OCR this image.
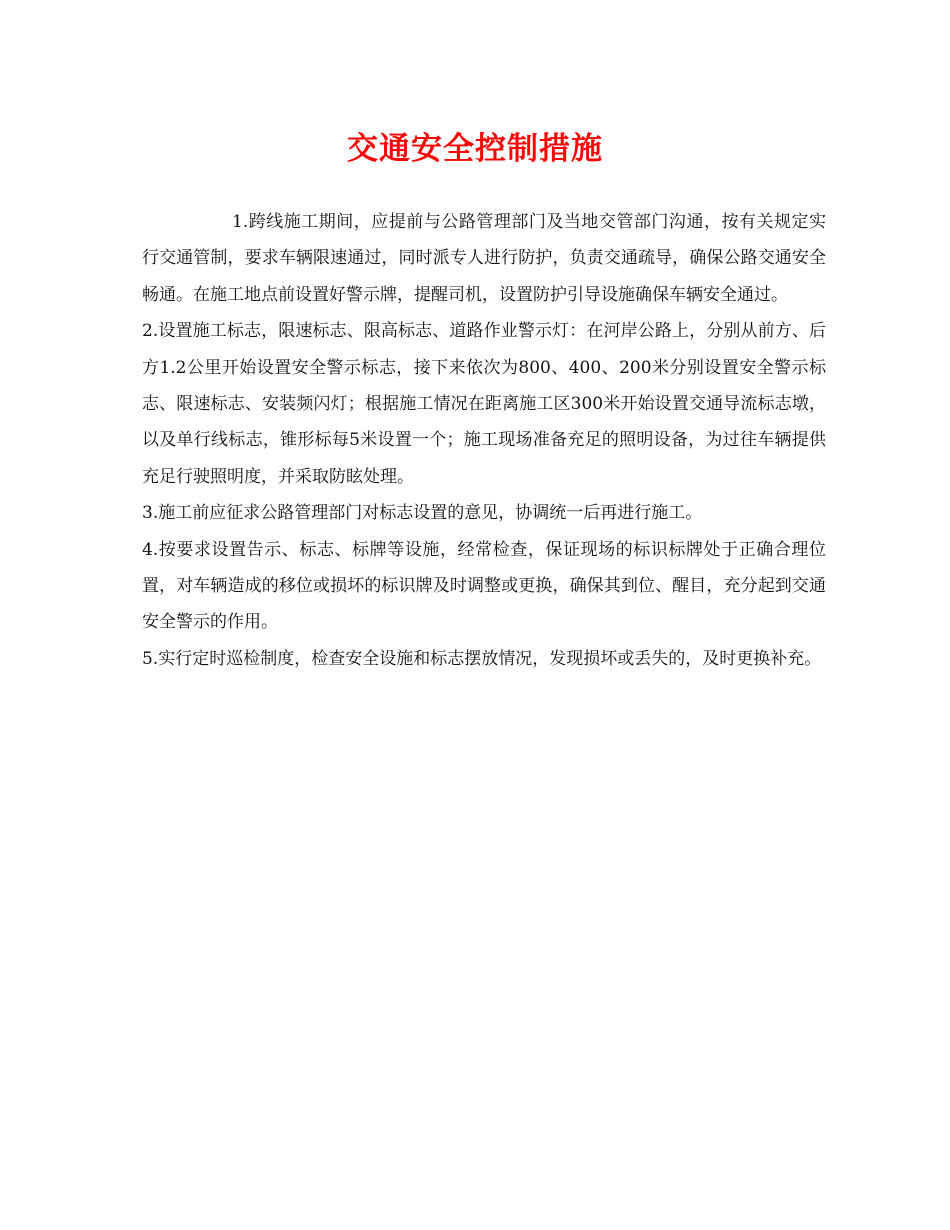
交通安全控制措施

1.跨线施工期间，应提前与公路管理部门及当地交管部门沟通，按有关规定实行交通管制，要求车辆限速通过，同时派专人进行防护，负责交通疏导，确保公路交通安全畅通。在施工地点前设置好警示牌，提醒司机，设置防护引导设施确保车辆安全通过。

2.设置施工标志，限速标志、限高标志、道路作业警示灯：在河岸公路上，分别从前方、后方1.2公里开始设置安全警示标志，接下来依次为800、400、200米分别设置安全警示标志、限速标志、安装频闪灯；根据施工情况在距离施工区300米开始设置交通导流标志墩，以及单行线标志，锥形标每5米设置一个；施工现场准备充足的照明设备，为过往车辆提供充足行驶照明度，并采取防眩处理。

3.施工前应征求公路管理部门对标志设置的意见，协调统一后再进行施工。

4.按要求设置告示、标志、标牌等设施，经常检查，保证现场的标识标牌处于正确合理位置，对车辆造成的移位或损坏的标识牌及时调整或更换，确保其到位、醒目，充分起到交通安全警示的作用。

5.实行定时巡检制度，检查安全设施和标志摆放情况，发现损坏或丢失的，及时更换补充。
